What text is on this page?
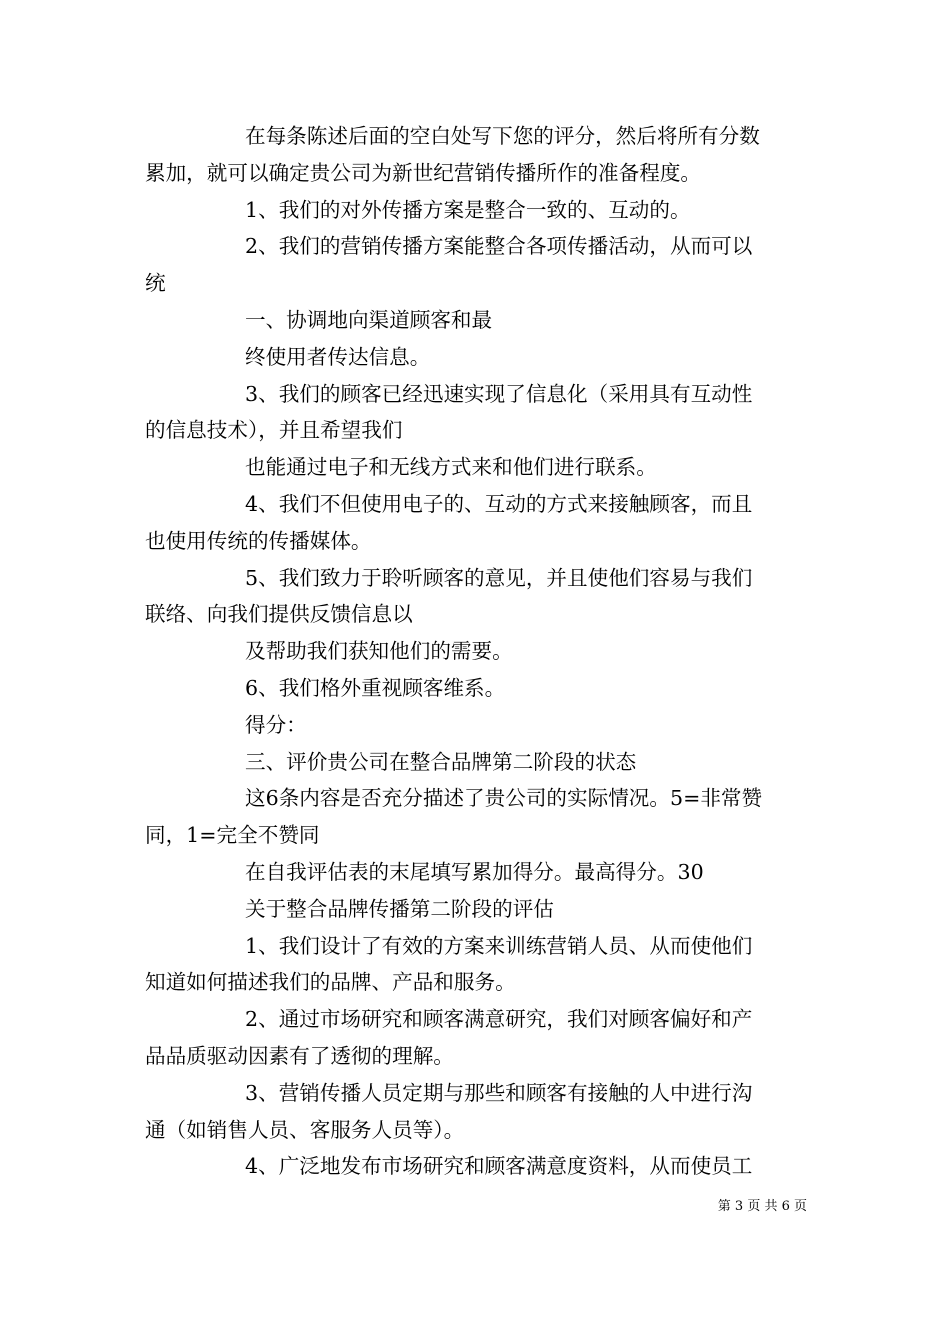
在每条陈述后面的空白处写下您的评分，然后将所有分数
累加，就可以确定贵公司为新世纪营销传播所作的准备程度。
1、我们的对外传播方案是整合一致的、互动的。
2、我们的营销传播方案能整合各项传播活动，从而可以
统
一、协调地向渠道顾客和最
终使用者传达信息。
3、我们的顾客已经迅速实现了信息化（采用具有互动性
的信息技术），并且希望我们
也能通过电子和无线方式来和他们进行联系。
4、我们不但使用电子的、互动的方式来接触顾客，而且
也使用传统的传播媒体。
5、我们致力于聆听顾客的意见，并且使他们容易与我们
联络、向我们提供反馈信息以
及帮助我们获知他们的需要。
6、我们格外重视顾客维系。
得分：
三、评价贵公司在整合品牌第二阶段的状态
这6条内容是否充分描述了贵公司的实际情况。5=非常赞
同，1=完全不赞同
在自我评估表的末尾填写累加得分。最高得分。30
关于整合品牌传播第二阶段的评估
1、我们设计了有效的方案来训练营销人员、从而使他们
知道如何描述我们的品牌、产品和服务。
2、通过市场研究和顾客满意研究，我们对顾客偏好和产
品品质驱动因素有了透彻的理解。
3、营销传播人员定期与那些和顾客有接触的人中进行沟
通（如销售人员、客服务人员等）。
4、广泛地发布市场研究和顾客满意度资料，从而使员工
第 3 页 共 6 页
